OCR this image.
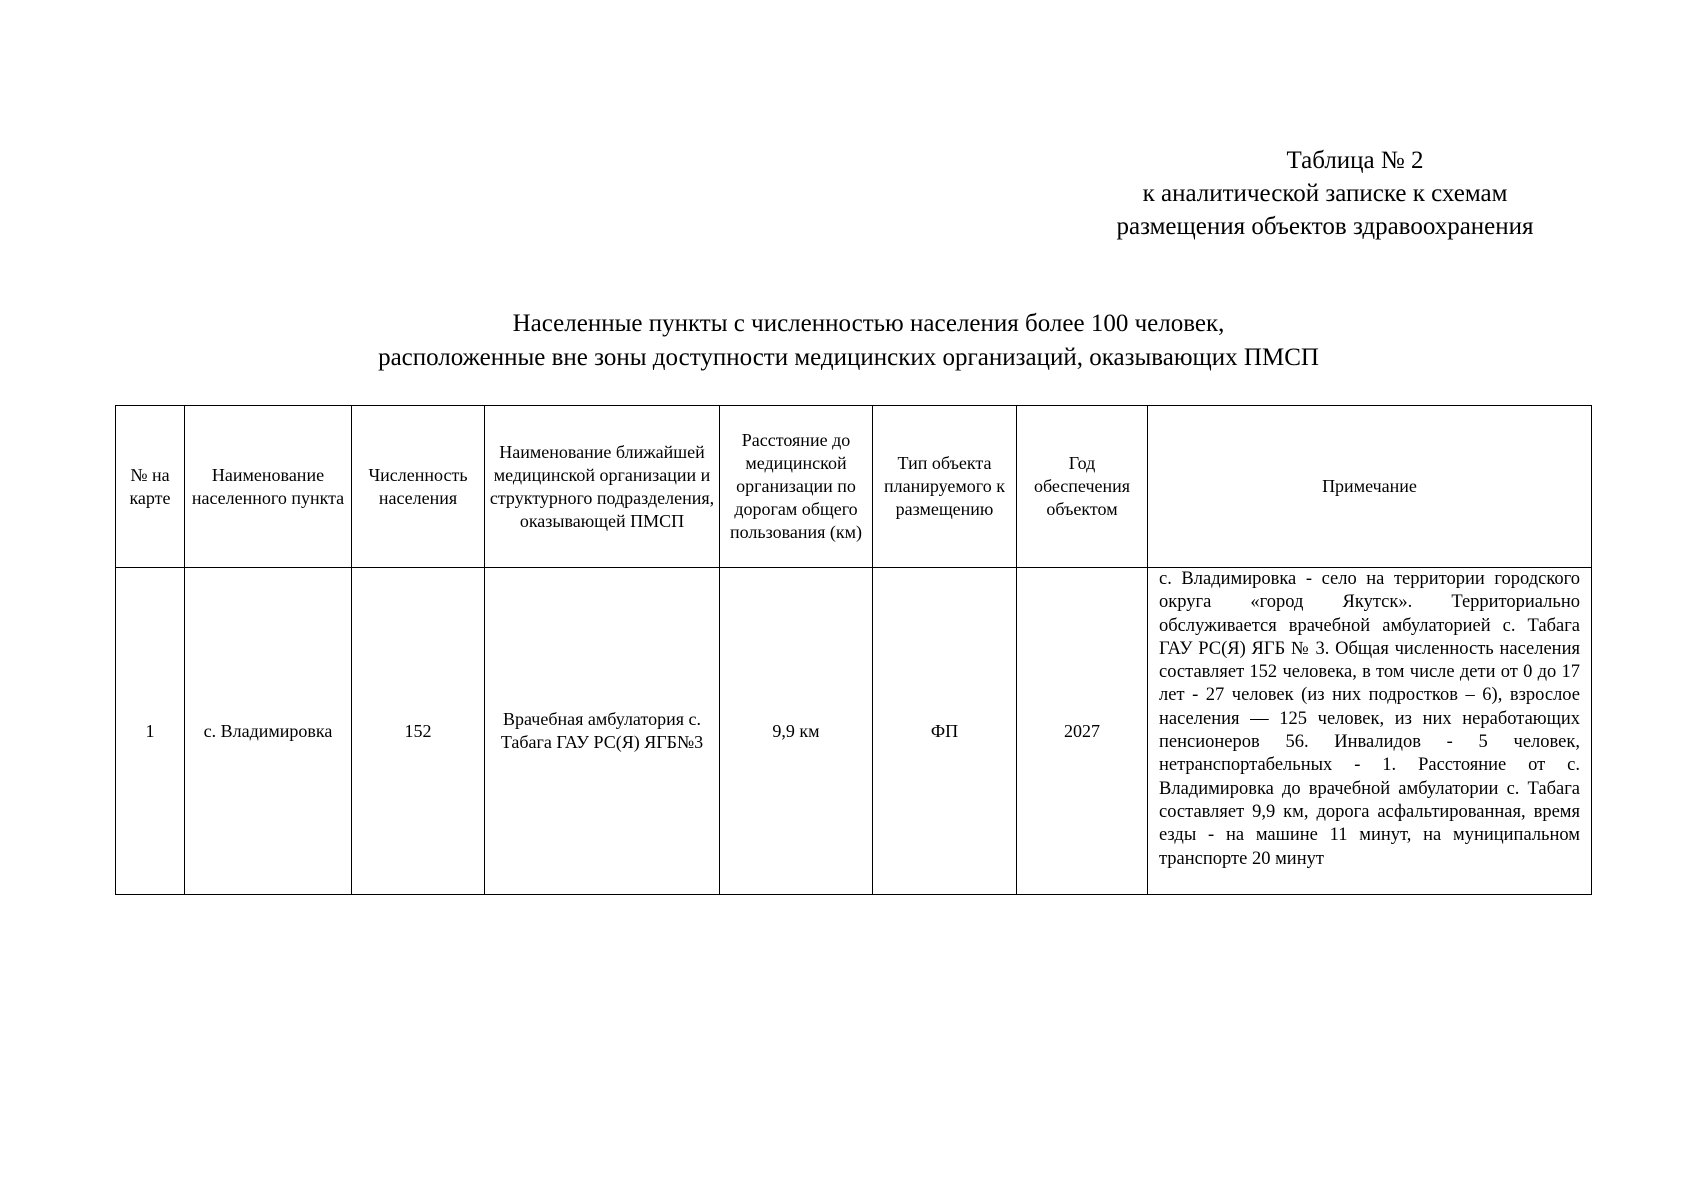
Таблица № 2
к аналитической записке к схемам
размещения объектов здравоохранения
Населенные пункты с численностью населения более 100 человек,
расположенные вне зоны доступности медицинских организаций, оказывающих ПМСП
№ на карте	Наименование населенного пункта	Численность населения	Наименование ближайшей медицинской организации и структурного подразделения, оказывающей ПМСП	Расстояние до медицинской организации по дорогам общего пользования (км)	Тип объекта планируемого к размещению	Год обеспечения объектом	Примечание
1	с. Владимировка	152	Врачебная амбулатория с. Табага ГАУ РС(Я) ЯГБ№3	9,9 км	ФП	2027	с. Владимировка - село на территории городского округа «город Якутск». Территориально обслуживается врачебной амбулаторией с. Табага ГАУ РС(Я) ЯГБ № 3. Общая численность населения составляет 152 человека, в том числе дети от 0 до 17 лет - 27 человек (из них подростков – 6), взрослое населения — 125 человек, из них неработающих пенсионеров 56. Инвалидов - 5 человек, нетранспортабельных - 1. Расстояние от с. Владимировка до врачебной амбулатории с. Табага составляет 9,9 км, дорога асфальтированная, время езды - на машине 11 минут, на муниципальном транспорте 20 минут
